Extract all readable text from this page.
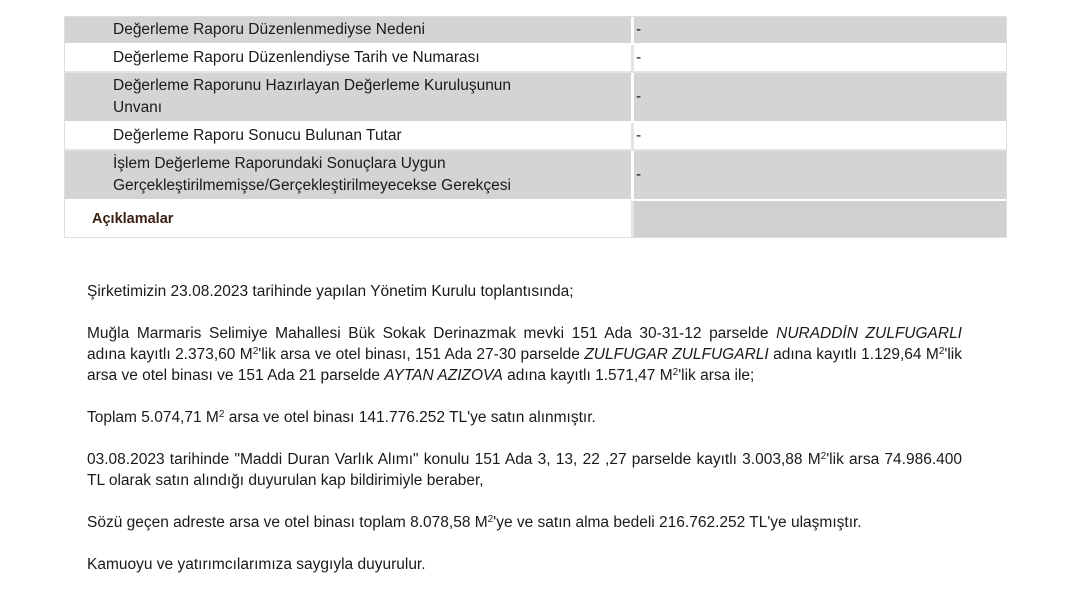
Değerleme Raporu Düzenlenmediyse Nedeni	-
Değerleme Raporu Düzenlendiyse Tarih ve Numarası	-
Değerleme Raporunu Hazırlayan Değerleme Kuruluşunun
Unvanı	-
Değerleme Raporu Sonucu Bulunan Tutar	-
İşlem Değerleme Raporundaki Sonuçlara Uygun
Gerçekleştirilmemişse/Gerçekleştirilmeyecekse Gerekçesi	-
Açıklamalar	

Şirketimizin 23.08.2023 tarihinde yapılan Yönetim Kurulu toplantısında;

Muğla Marmaris Selimiye Mahallesi Bük Sokak Derinazmak mevki 151 Ada 30-31-12 parselde NURADDİN ZULFUGARLI adına kayıtlı 2.373,60 $M^2'lik$ arsa ve otel binası, 151 Ada 27-30 parselde ZULFUGAR ZULFUGARLI adına kayıtlı 1.129,64 $M^2'lik$ arsa ve otel binası ve 151 Ada 21 parselde AYTAN AZIZOVA adına kayıtlı 1.571,47 $M^2'lik$ arsa ile;

Toplam 5.074,71 $M^2$ arsa ve otel binası 141.776.252 TL'ye satın alınmıştır.

03.08.2023 tarihinde "Maddi Duran Varlık Alımı" konulu 151 Ada 3, 13, 22 ,27 parselde kayıtlı 3.003,88 $M^2'lik$ arsa 74.986.400 TL olarak satın alındığı duyurulan kap bildirimiyle beraber,

Sözü geçen adreste arsa ve otel binası toplam 8.078,58 $M^2'ye$ ve satın alma bedeli 216.762.252 TL'ye ulaşmıştır.

Kamuoyu ve yatırımcılarımıza saygıyla duyurulur.
